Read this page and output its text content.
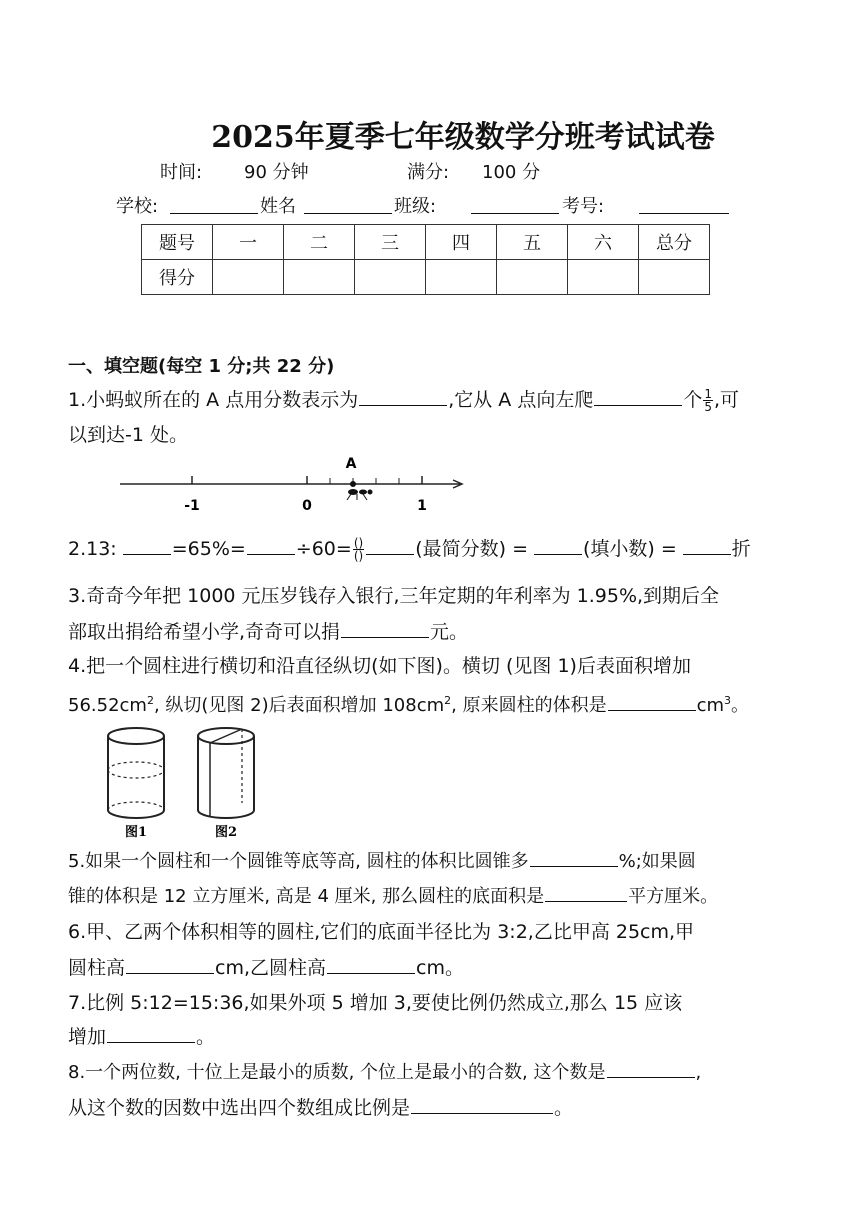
2025年夏季七年级数学分班考试试卷
时间: 90 分钟	满分: 100 分
学校:	姓名	班级:	考号:
题号	一	二	三	四	五	六	总分
得分							
一、填空题(每空 1 分;共 22 分)
1.小蚂蚁所在的 A 点用分数表示为	,它从 A 点向左爬	个 $\frac{1}{5}$ ,可
以到达-1 处。
A
-1	0	1
2.13:	=65%=	$\div 60= \frac{()}{()}$	(最简分数) =	(填小数) =	折
3.奇奇今年把 1000 元压岁钱存入银行,三年定期的年利率为 1.95%,到期后全
部取出捐给希望小学,奇奇可以捐	元。
4.把一个圆柱进行横切和沿直径纵切(如下图)。横切 (见图 1)后表面积增加
$56.52cm^2$, 纵切(见图 2)后表面积增加 $108cm^2$, 原来圆柱的体积是	$cm^3$。
图1	图2
5.如果一个圆柱和一个圆锥等底等高, 圆柱的体积比圆锥多	%;如果圆
锥的体积是 12 立方厘米, 高是 4 厘米, 那么圆柱的底面积是	平方厘米。
6.甲、乙两个体积相等的圆柱,它们的底面半径比为 3:2,乙比甲高 25cm,甲
圆柱高	cm,乙圆柱高	cm。
7.比例 5:12=15:36,如果外项 5 增加 3,要使比例仍然成立,那么 15 应该
增加	。
8.一个两位数, 十位上是最小的质数, 个位上是最小的合数, 这个数是	,
从这个数的因数中选出四个数组成比例是	。
